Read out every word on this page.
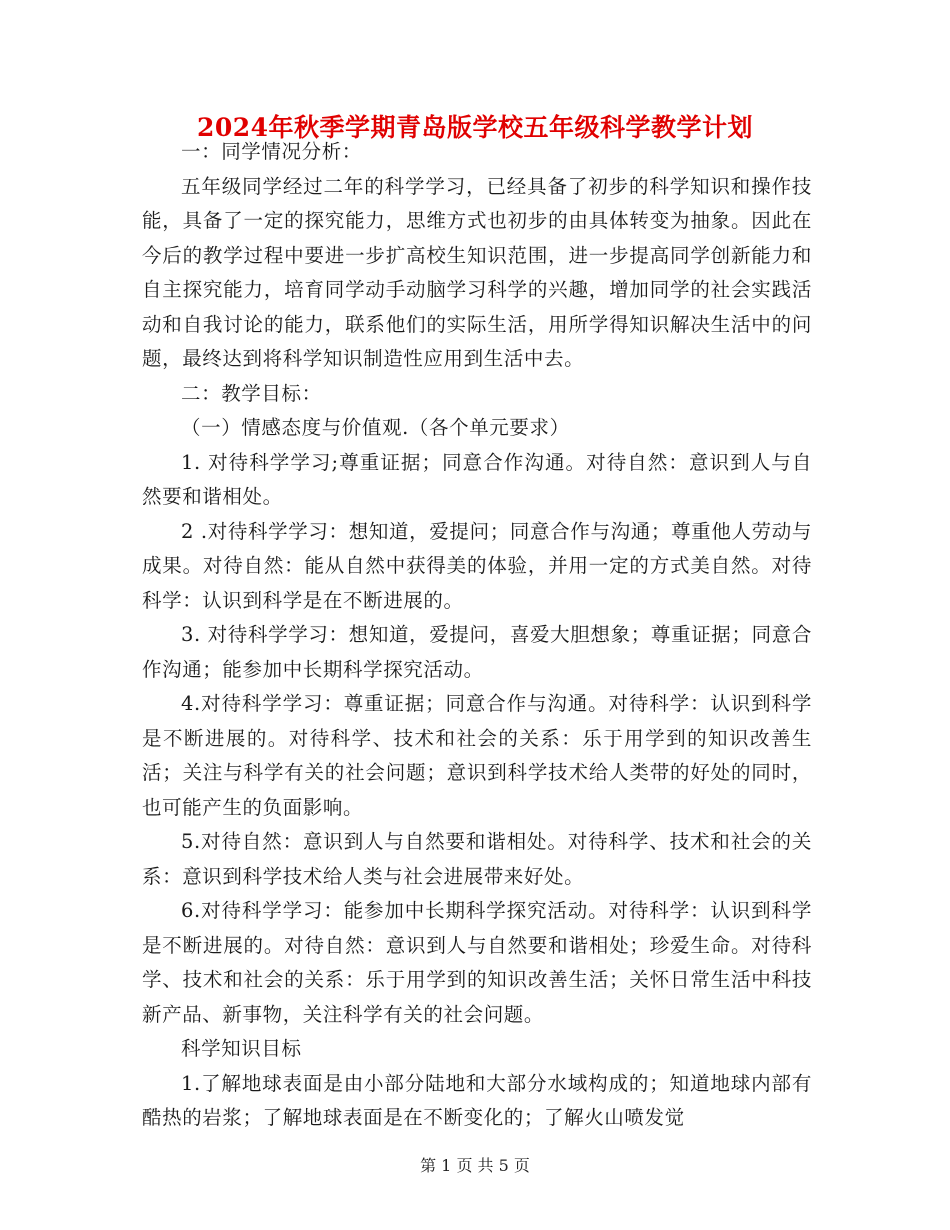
2024年秋季学期青岛版学校五年级科学教学计划

一：同学情况分析：

五年级同学经过二年的科学学习，已经具备了初步的科学知识和操作技能，具备了一定的探究能力，思维方式也初步的由具体转变为抽象。因此在今后的教学过程中要进一步扩高校生知识范围，进一步提高同学创新能力和自主探究能力，培育同学动手动脑学习科学的兴趣，增加同学的社会实践活动和自我讨论的能力，联系他们的实际生活，用所学得知识解决生活中的问题，最终达到将科学知识制造性应用到生活中去。

二：教学目标：

（一）情感态度与价值观.（各个单元要求）

1. 对待科学学习;尊重证据；同意合作沟通。对待自然：意识到人与自然要和谐相处。

2 .对待科学学习：想知道，爱提问；同意合作与沟通；尊重他人劳动与成果。对待自然：能从自然中获得美的体验，并用一定的方式美自然。对待科学：认识到科学是在不断进展的。

3. 对待科学学习：想知道，爱提问，喜爱大胆想象；尊重证据；同意合作沟通；能参加中长期科学探究活动。

4.对待科学学习：尊重证据；同意合作与沟通。对待科学：认识到科学是不断进展的。对待科学、技术和社会的关系：乐于用学到的知识改善生活；关注与科学有关的社会问题；意识到科学技术给人类带的好处的同时，也可能产生的负面影响。

5.对待自然：意识到人与自然要和谐相处。对待科学、技术和社会的关系：意识到科学技术给人类与社会进展带来好处。

6.对待科学学习：能参加中长期科学探究活动。对待科学：认识到科学是不断进展的。对待自然：意识到人与自然要和谐相处；珍爱生命。对待科学、技术和社会的关系：乐于用学到的知识改善生活；关怀日常生活中科技新产品、新事物，关注科学有关的社会问题。

科学知识目标

1.了解地球表面是由小部分陆地和大部分水域构成的；知道地球内部有酷热的岩浆；了解地球表面是在不断变化的；了解火山喷发觉

第 1 页 共 5 页
